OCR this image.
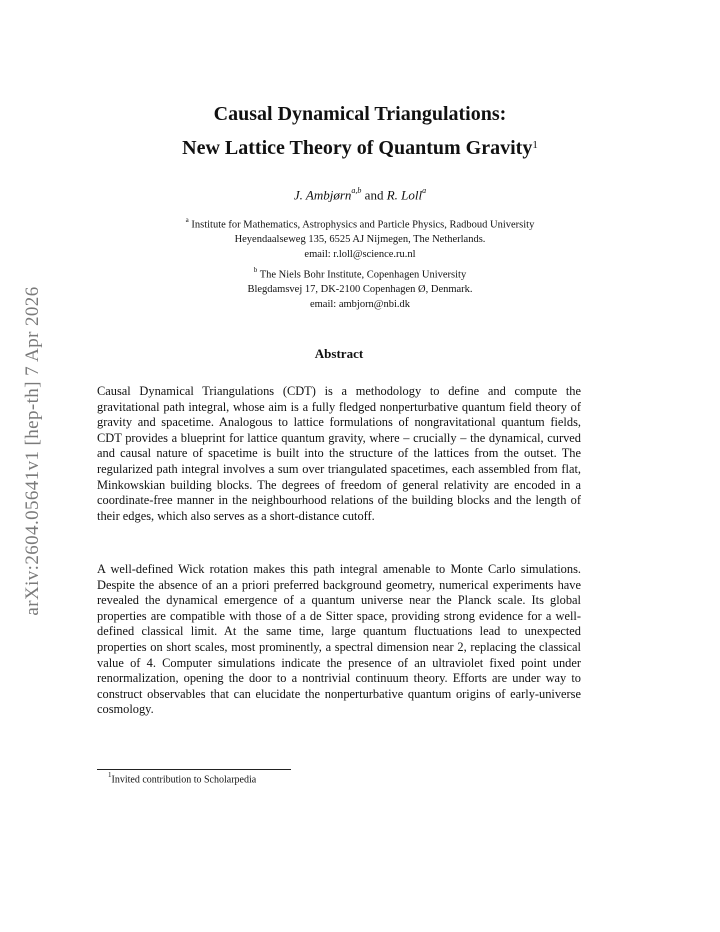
arXiv:2604.05641v1 [hep-th] 7 Apr 2026
Causal Dynamical Triangulations:
New Lattice Theory of Quantum Gravity$^1$
J. Ambjørn$^{a,b}$ and R. Loll$^a$
$^a$ Institute for Mathematics, Astrophysics and Particle Physics, Radboud University
Heyendaalseweg 135, 6525 AJ Nijmegen, The Netherlands.
email: r.loll@science.ru.nl
$^b$ The Niels Bohr Institute, Copenhagen University
Blegdamsvej 17, DK-2100 Copenhagen Ø, Denmark.
email: ambjorn@nbi.dk
Abstract

Causal Dynamical Triangulations (CDT) is a methodology to define and compute the gravitational path integral, whose aim is a fully fledged nonperturbative quantum field theory of gravity and spacetime. Analogous to lattice formulations of nongravitational quantum fields, CDT provides a blueprint for lattice quantum gravity, where – crucially – the dynamical, curved and causal nature of spacetime is built into the structure of the lattices from the outset. The regularized path integral involves a sum over triangulated spacetimes, each assembled from flat, Minkowskian building blocks. The degrees of freedom of general relativity are encoded in a coordinate-free manner in the neighbourhood relations of the building blocks and the length of their edges, which also serves as a short-distance cutoff.

A well-defined Wick rotation makes this path integral amenable to Monte Carlo simulations. Despite the absence of an a priori preferred background geometry, numerical experiments have revealed the dynamical emergence of a quantum universe near the Planck scale. Its global properties are compatible with those of a de Sitter space, providing strong evidence for a well-defined classical limit. At the same time, large quantum fluctuations lead to unexpected properties on short scales, most prominently, a spectral dimension near 2, replacing the classical value of 4. Computer simulations indicate the presence of an ultraviolet fixed point under renormalization, opening the door to a nontrivial continuum theory. Efforts are under way to construct observables that can elucidate the nonperturbative quantum origins of early-universe cosmology.

$^1$Invited contribution to Scholarpedia
